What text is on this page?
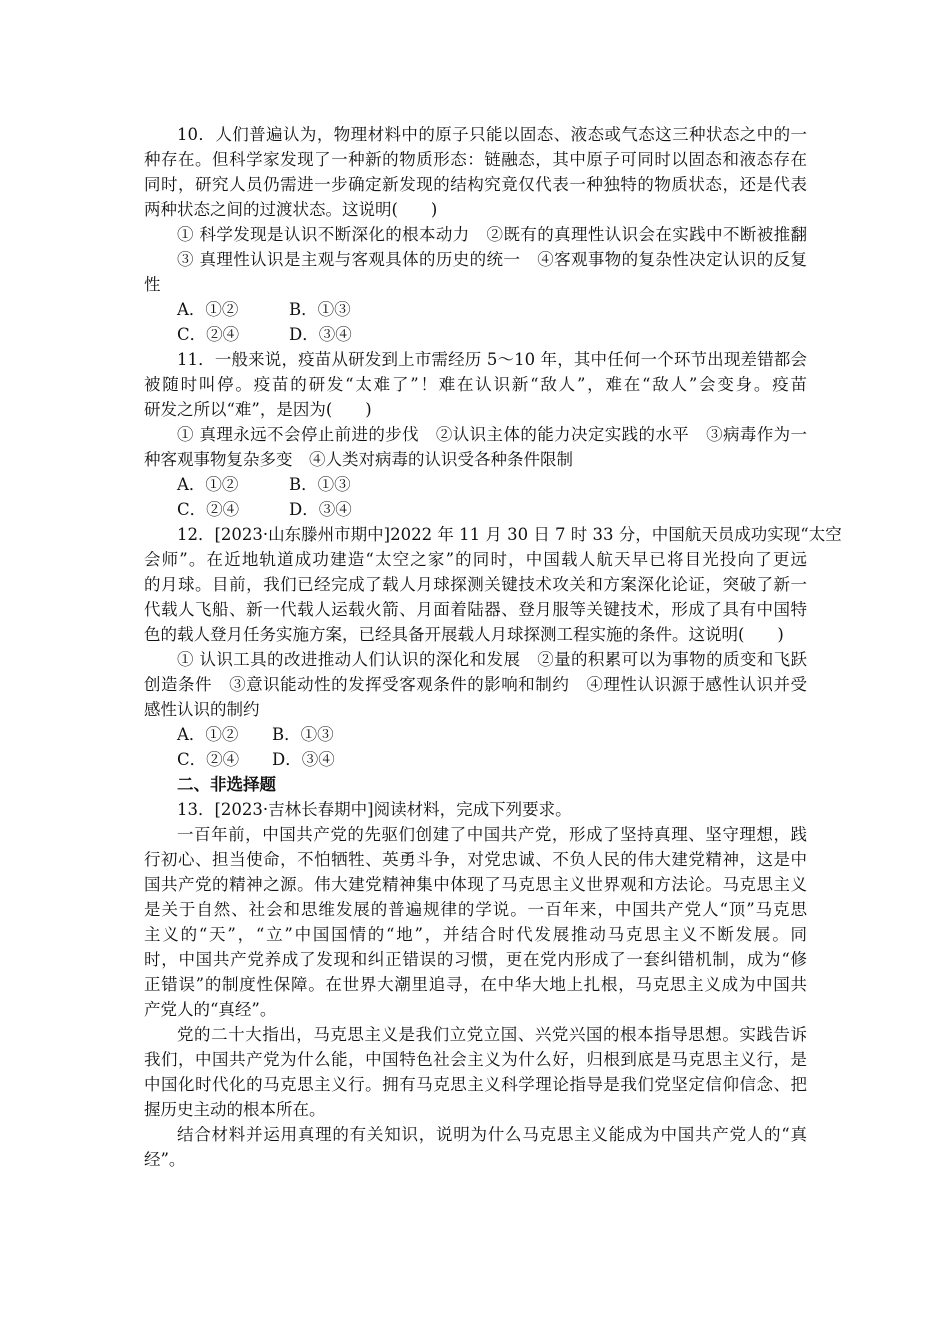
10．人们普遍认为，物理材料中的原子只能以固态、液态或气态这三种状态之中的一
种存在。但科学家发现了一种新的物质形态：链融态，其中原子可同时以固态和液态存在
同时，研究人员仍需进一步确定新发现的结构究竟仅代表一种独特的物质状态，还是代表
两种状态之间的过渡状态。这说明(　　)
① 科学发现是认识不断深化的根本动力　②既有的真理性认识会在实践中不断被推翻
③ 真理性认识是主观与客观具体的历史的统一　④客观事物的复杂性决定认识的反复
性
A．①②	B．①③
C．②④	D．③④
11．一般来说，疫苗从研发到上市需经历 5～10 年，其中任何一个环节出现差错都会
被随时叫停。疫苗的研发“太难了”！难在认识新“敌人”，难在“敌人”会变身。疫苗
研发之所以“难”，是因为(　　)
① 真理永远不会停止前进的步伐　②认识主体的能力决定实践的水平　③病毒作为一
种客观事物复杂多变　④人类对病毒的认识受各种条件限制
A．①②	B．①③
C．②④	D．③④
12．[2023·山东滕州市期中]2022 年 11 月 30 日 7 时 33 分，中国航天员成功实现“太空
会师”。在近地轨道成功建造“太空之家”的同时，中国载人航天早已将目光投向了更远
的月球。目前，我们已经完成了载人月球探测关键技术攻关和方案深化论证，突破了新一
代载人飞船、新一代载人运载火箭、月面着陆器、登月服等关键技术，形成了具有中国特
色的载人登月任务实施方案，已经具备开展载人月球探测工程实施的条件。这说明(　　)
① 认识工具的改进推动人们认识的深化和发展　②量的积累可以为事物的质变和飞跃
创造条件　③意识能动性的发挥受客观条件的影响和制约　④理性认识源于感性认识并受
感性认识的制约
A．①② B．①③
C．②④ D．③④
二、非选择题
13．[2023·吉林长春期中]阅读材料，完成下列要求。
一百年前，中国共产党的先驱们创建了中国共产党，形成了坚持真理、坚守理想，践
行初心、担当使命，不怕牺牲、英勇斗争，对党忠诚、不负人民的伟大建党精神，这是中
国共产党的精神之源。伟大建党精神集中体现了马克思主义世界观和方法论。马克思主义
是关于自然、社会和思维发展的普遍规律的学说。一百年来，中国共产党人“顶”马克思
主义的“天”，“立”中国国情的“地”，并结合时代发展推动马克思主义不断发展。同
时，中国共产党养成了发现和纠正错误的习惯，更在党内形成了一套纠错机制，成为“修
正错误”的制度性保障。在世界大潮里追寻，在中华大地上扎根，马克思主义成为中国共
产党人的“真经”。
党的二十大指出，马克思主义是我们立党立国、兴党兴国的根本指导思想。实践告诉
我们，中国共产党为什么能，中国特色社会主义为什么好，归根到底是马克思主义行，是
中国化时代化的马克思主义行。拥有马克思主义科学理论指导是我们党坚定信仰信念、把
握历史主动的根本所在。
结合材料并运用真理的有关知识，说明为什么马克思主义能成为中国共产党人的“真
经”。
